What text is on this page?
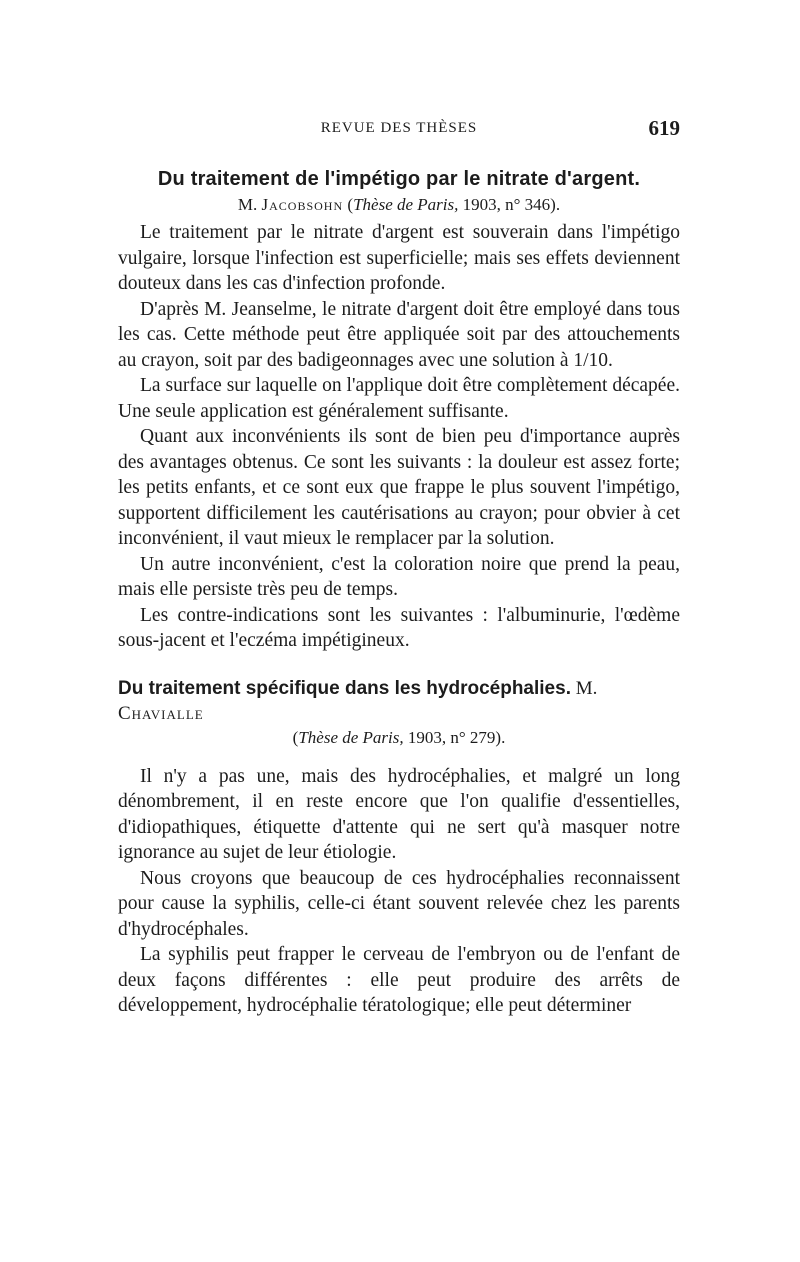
REVUE DES THÈSES	619
Du traitement de l'impétigo par le nitrate d'argent.
M. Jacobsohn (Thèse de Paris, 1903, n° 346).

Le traitement par le nitrate d'argent est souverain dans l'impétigo vulgaire, lorsque l'infection est superficielle; mais ses effets deviennent douteux dans les cas d'infection profonde.

D'après M. Jeanselme, le nitrate d'argent doit être employé dans tous les cas. Cette méthode peut être appliquée soit par des attouchements au crayon, soit par des badigeonnages avec une solution à 1/10.

La surface sur laquelle on l'applique doit être complètement décapée. Une seule application est généralement suffisante.

Quant aux inconvénients ils sont de bien peu d'importance auprès des avantages obtenus. Ce sont les suivants : la douleur est assez forte; les petits enfants, et ce sont eux que frappe le plus souvent l'impétigo, supportent difficilement les cautérisations au crayon; pour obvier à cet inconvénient, il vaut mieux le remplacer par la solution.

Un autre inconvénient, c'est la coloration noire que prend la peau, mais elle persiste très peu de temps.

Les contre-indications sont les suivantes : l'albuminurie, l'œdème sous-jacent et l'eczéma impétigineux.

Du traitement spécifique dans les hydrocéphalies. M. Chavialle
(Thèse de Paris, 1903, n° 279).

Il n'y a pas une, mais des hydrocéphalies, et malgré un long dénombrement, il en reste encore que l'on qualifie d'essentielles, d'idiopathiques, étiquette d'attente qui ne sert qu'à masquer notre ignorance au sujet de leur étiologie.

Nous croyons que beaucoup de ces hydrocéphalies reconnaissent pour cause la syphilis, celle-ci étant souvent relevée chez les parents d'hydrocéphales.

La syphilis peut frapper le cerveau de l'embryon ou de l'enfant de deux façons différentes : elle peut produire des arrêts de développement, hydrocéphalie tératologique; elle peut déterminer
